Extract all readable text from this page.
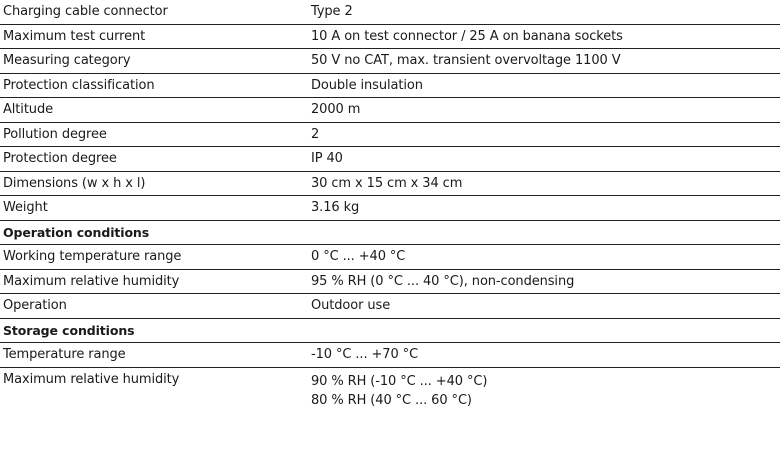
Charging cable connector	Type 2
Maximum test current	10 A on test connector / 25 A on banana sockets
Measuring category	50 V no CAT, max. transient overvoltage 1100 V
Protection classification	Double insulation
Altitude	2000 m
Pollution degree	2
Protection degree	IP 40
Dimensions (w x h x l)	30 cm x 15 cm x 34 cm
Weight	3.16 kg
Operation conditions	
Working temperature range	0 °C ... +40 °C
Maximum relative humidity	95 % RH (0 °C ... 40 °C), non-condensing
Operation	Outdoor use
Storage conditions	
Temperature range	-10 °C ... +70 °C
Maximum relative humidity	90 % RH (-10 °C ... +40 °C)
80 % RH (40 °C ... 60 °C)
